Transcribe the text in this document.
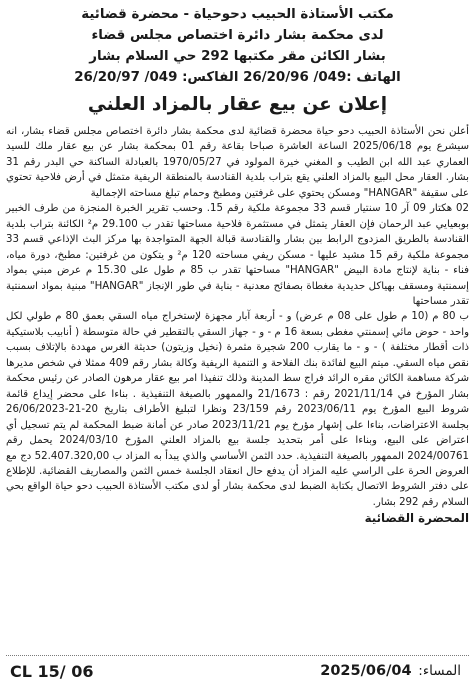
مكتب الأستاذة الحبيب دحوحياة - محضرة قضائية
لدى محكمة بشار دائرة اختصاص مجلس قضاء
بشار الكائن مقر مكتبها 292 حي السلام بشار
الهاتف :049/ 26/20/96 الفاكس: 049/ 26/20/97
إعلان عن بيع عقار بالمزاد العلني

أعلن نحن الأستاذة الحبيب دحو حياة محضرة قضائية لدى محكمة بشار دائرة اختصاص مجلس قضاء بشار، انه سيشرع يوم 2025/06/18 الساعة العاشرة صباحا بقاعة رقم 01 بمحكمة بشار عن بيع عقار ملك للسيد العماري عبد الله ابن الطيب و المغني خيرة المولود في 1970/05/27 بالعبادلة الساكنة حي البدر رقم 31 بشار. العقار محل البيع بالمزاد العلني يقع بتراب بلدية القنادسة بالمنطقة الريفية متمثل في أرض فلاحية تحتوي على سقيفة "HANGAR" ومسكن يحتوي على غرفتين ومطبخ وحمام تبلغ مساحته الإجمالية

02 هكتار 09 آر 10 سنتيار قسم 33 مجموعة ملكية رقم 15. وحسب تقرير الخبرة المنجزة من طرف الخبير بوبعيايي عبد الرحمان فإن العقار يتمثل في مستثمرة فلاحية مساحتها تقدر ب 29.100 م² الكائنة بتراب بلدية القنادسة بالطريق المزدوج الرابط بين بشار والقنادسة قبالة الجهة المتواجدة بها مركز البث الإذاعي قسم 33 مجموعة ملكية رقم 15 مشيد عليها - مسكن ريفي مساحته 120 م² و يتكون من غرفتين: مطبخ، دورة مياه، فناء - بناية لإنتاج مادة البيض "HANGAR" مساحتها تقدر ب 85 م طول على 15.30 م عرض مبني بمواد إسمنتية ومسقف بهياكل حديدية مغطاة بصفائح معدنية - بناية في طور الإنجاز "HANGAR" مبنية بمواد اسمنتية تقدر مساحتها

ب 80 م (10 م طول على 08 م عرض) و - أربعة آبار مجهزة لإستخراج مياه السقي بعمق 80 م طولي لكل واحد - حوض مائي إسمنتي مغطى بسعة 16 م - و - جهاز السقي بالتقطير في حالة متوسطة ( أنابيب بلاستيكية ذات أقطار مختلفة ) - و - ما يقارب 200 شجيرة مثمرة (نخيل وزيتون) حديثة الغرس مهددة بالإتلاف بسبب نقص مياه السقي. ميتم البيع لفائدة بنك الفلاحة و التنمية الريفية وكالة بشار رقم 409 ممثلا في شخص مديرها شركة مساهمة الكائن مقره الرائد فراج سط المدينة وذلك تنفيذا امر بيع عقار مرهون الصادر عن رئيس محكمة بشار المؤرخ في 2021/11/14 رقم : 21/1673 والممهور بالصيغة التنفيذية . بناءا على محضر إيداع قائمة شروط البيع المؤرخ يوم 2023/06/11 رقم 23/159 ونظرا لتبليغ الأطراف بتاريخ 20-21-26/06/2023 بجلسة الاعتراضات، بناءا على إشهار مؤرخ يوم 2023/11/21 صادر عن أمانة ضبط المحكمة لم يتم تسجيل أي اعتراض على البيع، وبناءا على أمر بتحديد جلسة بيع بالمزاد العلني المؤرخ 2024/03/10 يحمل رقم 2024/00761 الممهور بالصيغة التنفيذية. حدد الثمن الأساسي والذي يبدأ به المزاد ب 52.407.320,00 دج مع العروض الحرة على الراسي عليه المزاد أن يدفع حال انعقاد الجلسة خمس الثمن والمصاريف القضائية. للإطلاع على دفتر الشروط الاتصال بكتابة الضبط لدى محكمة بشار أو لدى مكتب الأستاذة الحبيب دحو حياة الواقع بحي السلام رقم 292 بشار.

المحضرة القضائية
CL 15/ 06	المساء: 2025/06/04
